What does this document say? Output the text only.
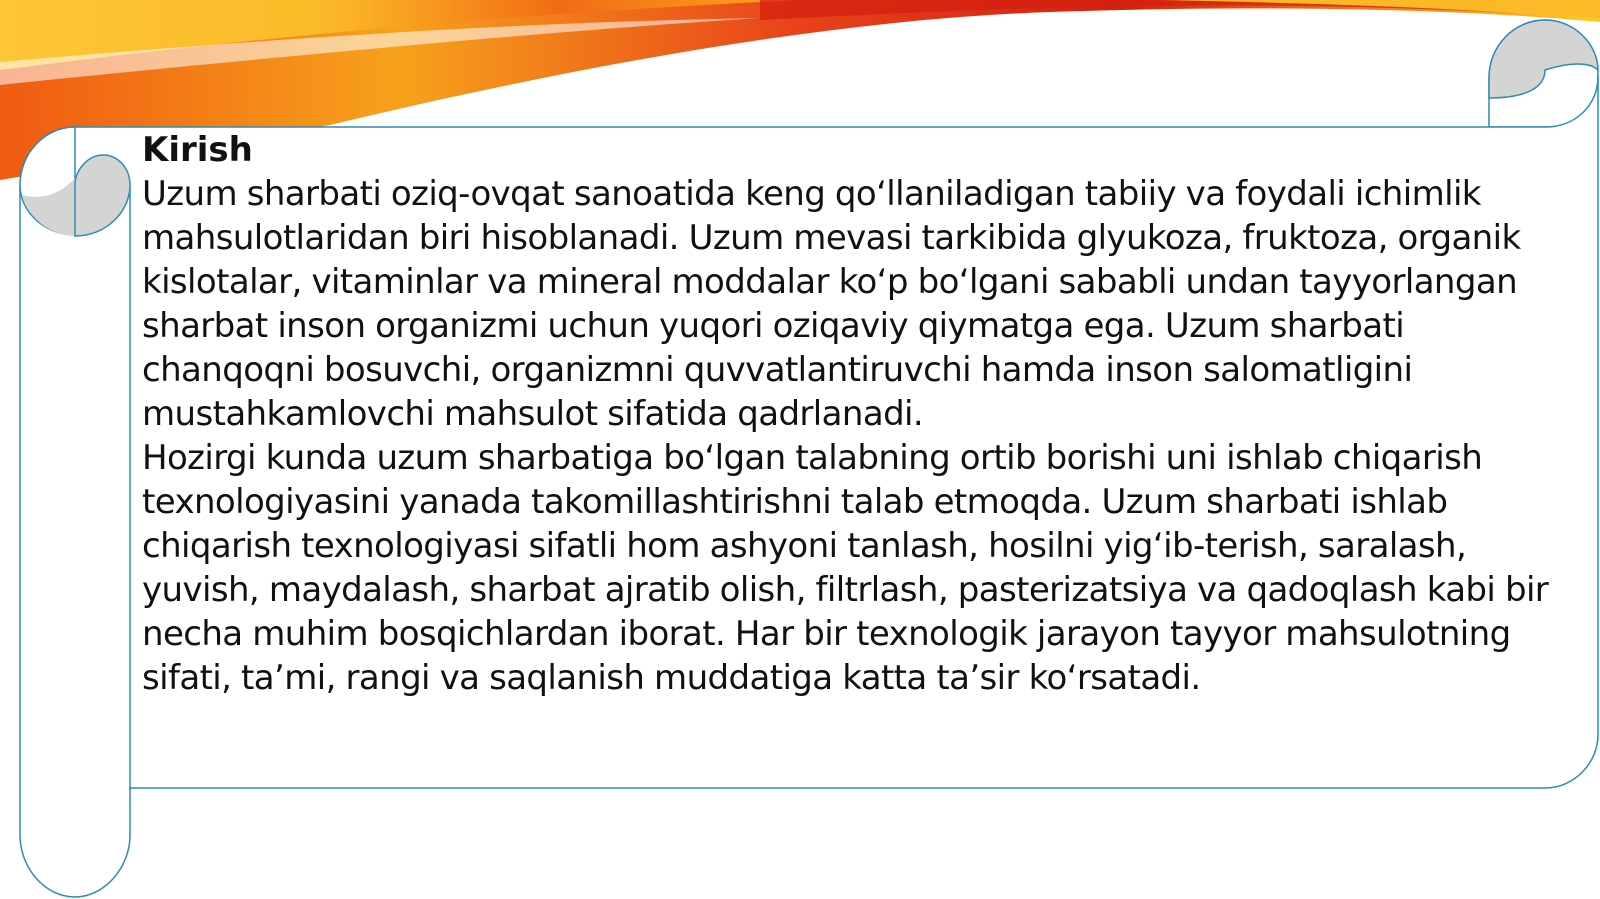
Kirish

Uzum sharbati oziq-ovqat sanoatida keng qo‘llaniladigan tabiiy va foydali ichimlik mahsulotlaridan biri hisoblanadi. Uzum mevasi tarkibida glyukoza, fruktoza, organik kislotalar, vitaminlar va mineral moddalar ko‘p bo‘lgani sababli undan tayyorlangan sharbat inson organizmi uchun yuqori oziqaviy qiymatga ega. Uzum sharbati chanqoqni bosuvchi, organizmni quvvatlantiruvchi hamda inson salomatligini mustahkamlovchi mahsulot sifatida qadrlanadi.

Hozirgi kunda uzum sharbatiga bo‘lgan talabning ortib borishi uni ishlab chiqarish texnologiyasini yanada takomillashtirishni talab etmoqda. Uzum sharbati ishlab chiqarish texnologiyasi sifatli hom ashyoni tanlash, hosilni yig‘ib-terish, saralash, yuvish, maydalash, sharbat ajratib olish, filtrlash, pasterizatsiya va qadoqlash kabi bir necha muhim bosqichlardan iborat. Har bir texnologik jarayon tayyor mahsulotning sifati, ta’mi, rangi va saqlanish muddatiga katta ta’sir ko‘rsatadi.
